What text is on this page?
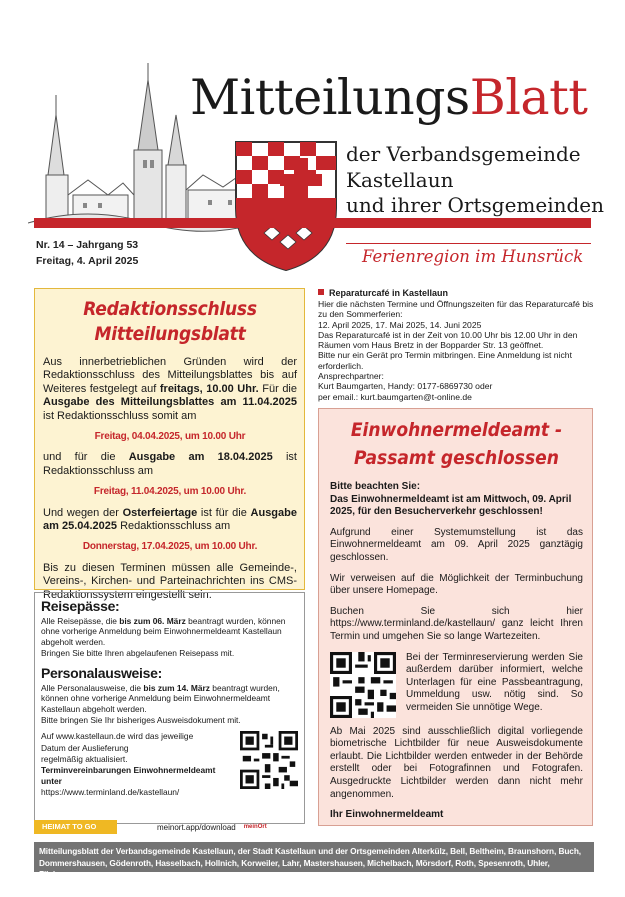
MitteilungsBlatt
der Verbandsgemeinde
Kastellaun
und ihrer Ortsgemeinden
Nr. 14 – Jahrgang 53
Freitag, 4. April 2025	Ferienregion im Hunsrück
Redaktionsschluss
Mitteilungsblatt

Aus innerbetrieblichen Gründen wird der Redaktionsschluss des Mitteilungsblattes bis auf Weiteres festgelegt auf freitags, 10.00 Uhr. Für die Ausgabe des Mitteilungsblattes am 11.04.2025 ist Redaktionsschluss somit am

Freitag, 04.04.2025, um 10.00 Uhr

und für die Ausgabe am 18.04.2025 ist Redaktionsschluss am

Freitag, 11.04.2025, um 10.00 Uhr.

Und wegen der Osterfeiertage ist für die Ausgabe am 25.04.2025 Redaktionsschluss am

Donnerstag, 17.04.2025, um 10.00 Uhr.

Bis zu diesen Terminen müssen alle Gemeinde-, Vereins-, Kirchen- und Parteinachrichten ins CMS-Redaktionssystem eingestellt sein.

Reisepässe:

Alle Reisepässe, die bis zum 06. März beantragt wurden, können ohne vorherige Anmeldung beim Einwohnermeldeamt Kastellaun abgeholt werden.

Bringen Sie bitte Ihren abgelaufenen Reisepass mit.

Personalausweise:

Alle Personalausweise, die bis zum 14. März beantragt wurden, können ohne vorherige Anmeldung beim Einwohnermeldeamt Kastellaun abgeholt werden.

Bitte bringen Sie Ihr bisheriges Ausweisdokument mit.

Auf www.kastellaun.de wird das jeweilige

Datum der Auslieferung

regelmäßig aktualisiert.

Terminvereinbarungen Einwohnermeldeamt unter

https://www.terminland.de/kastellaun/

HEIMAT TO GO	meinort.app/download meinOrt
Reparaturcafé in Kastellaun

Hier die nächsten Termine und Öffnungszeiten für das Reparaturcafé bis zu den Sommerferien:

12. April 2025, 17. Mai 2025, 14. Juni 2025

Das Reparaturcafé ist in der Zeit von 10.00 Uhr bis 12.00 Uhr in den Räumen vom Haus Bretz in der Bopparder Str. 13 geöffnet.

Bitte nur ein Gerät pro Termin mitbringen. Eine Anmeldung ist nicht erforderlich.

Ansprechpartner:

Kurt Baumgarten, Handy: 0177-6869730 oder

per email.: kurt.baumgarten@t-online.de

Einwohnermeldeamt -
Passamt geschlossen

Bitte beachten Sie:
Das Einwohnermeldeamt ist am Mittwoch, 09. April 2025, für den Besucherverkehr geschlossen!

Aufgrund einer Systemumstellung ist das Einwohnermeldeamt am 09. April 2025 ganztägig geschlossen.

Wir verweisen auf die Möglichkeit der Terminbuchung über unsere Homepage.

Buchen Sie sich hier https://www.terminland.de/kastellaun/ ganz leicht Ihren Termin und umgehen Sie so lange Wartezeiten.

Bei der Terminreservierung werden Sie außerdem darüber informiert, welche Unterlagen für eine Passbeantragung, Ummeldung usw. nötig sind. So vermeiden Sie unnötige Wege.

Ab Mai 2025 sind ausschließlich digital vorliegende biometrische Lichtbilder für neue Ausweisdokumente erlaubt. Die Lichtbilder werden entweder in der Behörde erstellt oder bei Fotografinnen und Fotografen. Ausgedruckte Lichtbilder werden dann nicht mehr angenommen.

Ihr Einwohnermeldeamt

Mitteilungsblatt der Verbandsgemeinde Kastellaun, der Stadt Kastellaun und der Ortsgemeinden Alterkülz, Bell, Beltheim, Braunshorn, Buch, Dommershausen, Gödenroth, Hasselbach, Hollnich, Korweiler, Lahr, Mastershausen, Michelbach, Mörsdorf, Roth, Spesenroth, Uhler, Zilshausen
